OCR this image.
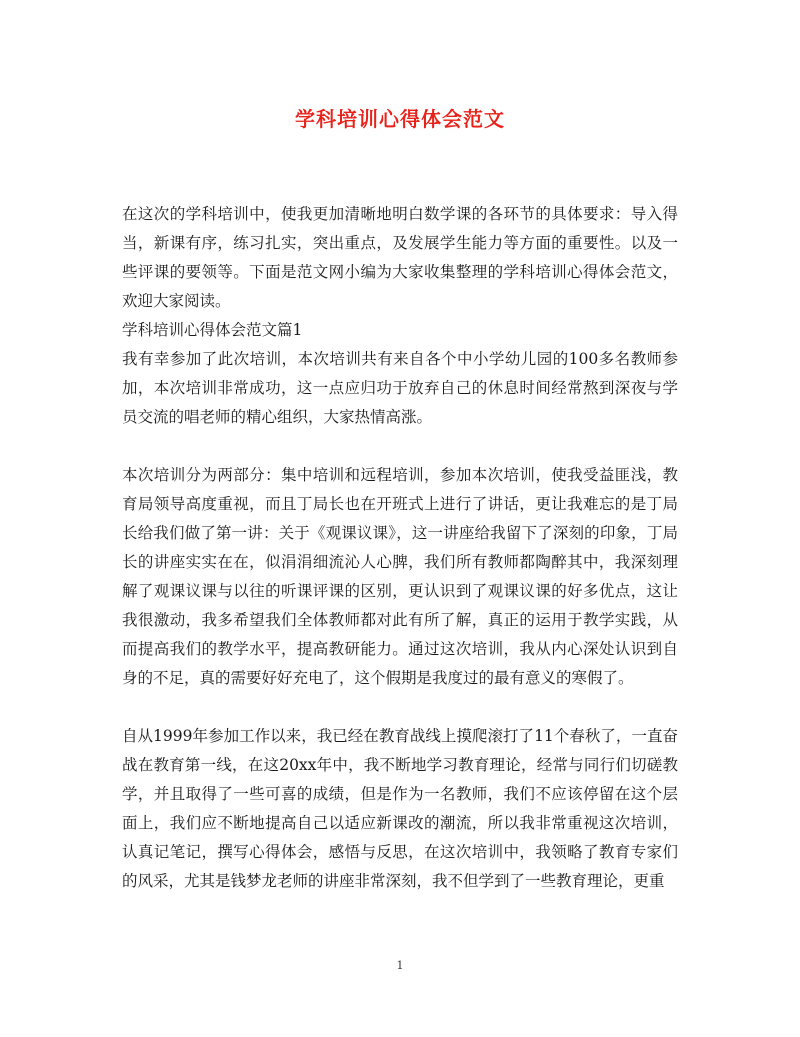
学科培训心得体会范文

在这次的学科培训中，使我更加清晰地明白数学课的各环节的具体要求：导入得当，新课有序，练习扎实，突出重点，及发展学生能力等方面的重要性。以及一些评课的要领等。下面是范文网小编为大家收集整理的学科培训心得体会范文，欢迎大家阅读。

学科培训心得体会范文篇1

我有幸参加了此次培训，本次培训共有来自各个中小学幼儿园的100多名教师参加，本次培训非常成功，这一点应归功于放弃自己的休息时间经常熬到深夜与学员交流的唱老师的精心组织，大家热情高涨。

本次培训分为两部分：集中培训和远程培训，参加本次培训，使我受益匪浅，教育局领导高度重视，而且丁局长也在开班式上进行了讲话，更让我难忘的是丁局长给我们做了第一讲：关于《观课议课》，这一讲座给我留下了深刻的印象，丁局长的讲座实实在在，似涓涓细流沁人心脾，我们所有教师都陶醉其中，我深刻理解了观课议课与以往的听课评课的区别，更认识到了观课议课的好多优点，这让我很激动，我多希望我们全体教师都对此有所了解，真正的运用于教学实践，从而提高我们的教学水平，提高教研能力。通过这次培训，我从内心深处认识到自身的不足，真的需要好好充电了，这个假期是我度过的最有意义的寒假了。

自从1999年参加工作以来，我已经在教育战线上摸爬滚打了11个春秋了，一直奋战在教育第一线，在这20xx年中，我不断地学习教育理论，经常与同行们切磋教学，并且取得了一些可喜的成绩，但是作为一名教师，我们不应该停留在这个层面上，我们应不断地提高自己以适应新课改的潮流，所以我非常重视这次培训，认真记笔记，撰写心得体会，感悟与反思，在这次培训中，我领略了教育专家们的风采，尤其是钱梦龙老师的讲座非常深刻，我不但学到了一些教育理论，更重

1
